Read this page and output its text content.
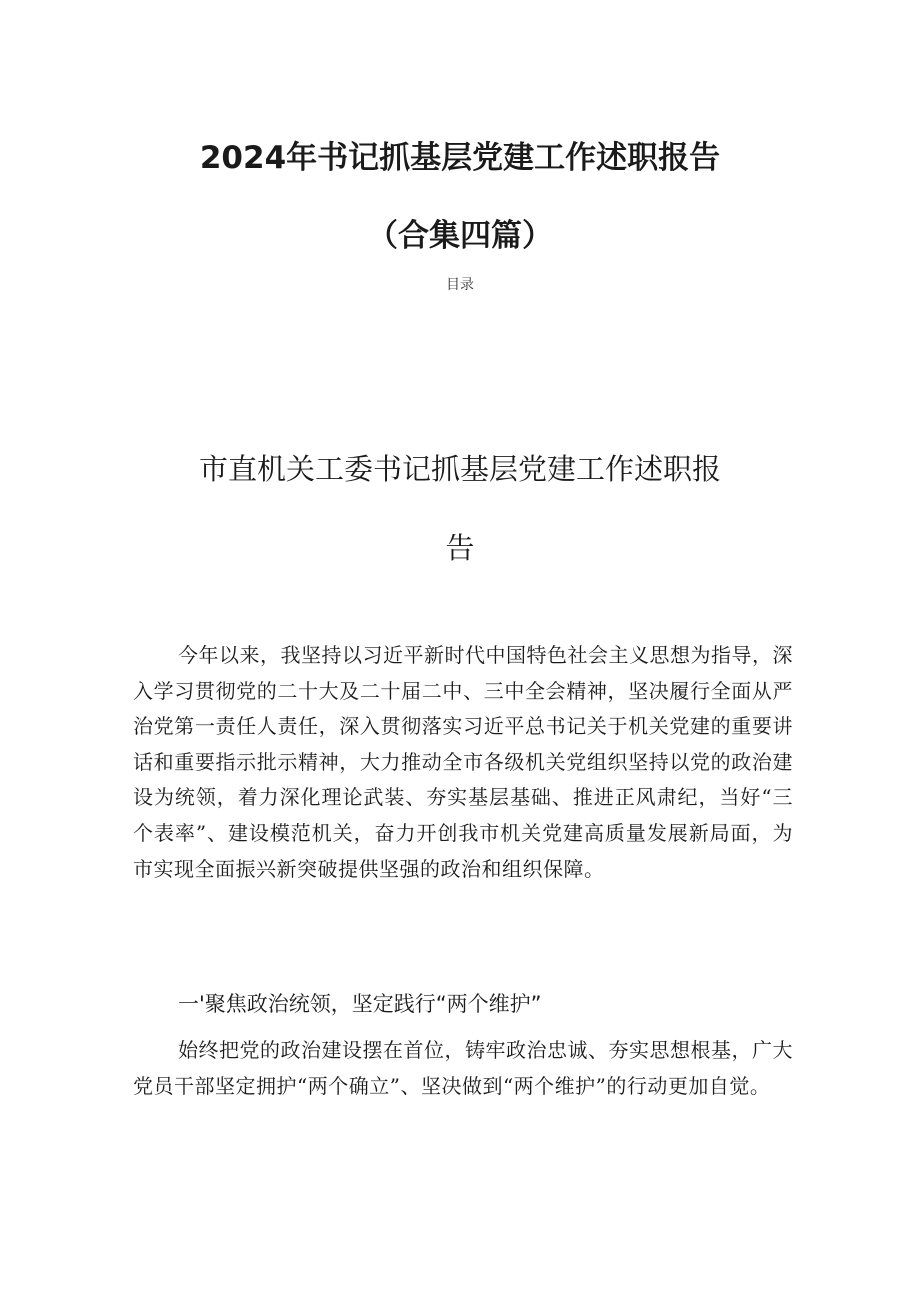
2024年书记抓基层党建工作述职报告
（合集四篇）
目录
市直机关工委书记抓基层党建工作述职报
告

今年以来，我坚持以习近平新时代中国特色社会主义思想为指导，深入学习贯彻党的二十大及二十届二中、三中全会精神，坚决履行全面从严治党第一责任人责任，深入贯彻落实习近平总书记关于机关党建的重要讲话和重要指示批示精神，大力推动全市各级机关党组织坚持以党的政治建设为统领，着力深化理论武装、夯实基层基础、推进正风肃纪，当好“三个表率”、建设模范机关，奋力开创我市机关党建高质量发展新局面，为市实现全面振兴新突破提供坚强的政治和组织保障。

一'聚焦政治统领，坚定践行“两个维护”

始终把党的政治建设摆在首位，铸牢政治忠诚、夯实思想根基，广大党员干部坚定拥护“两个确立”、坚决做到“两个维护”的行动更加自觉。
